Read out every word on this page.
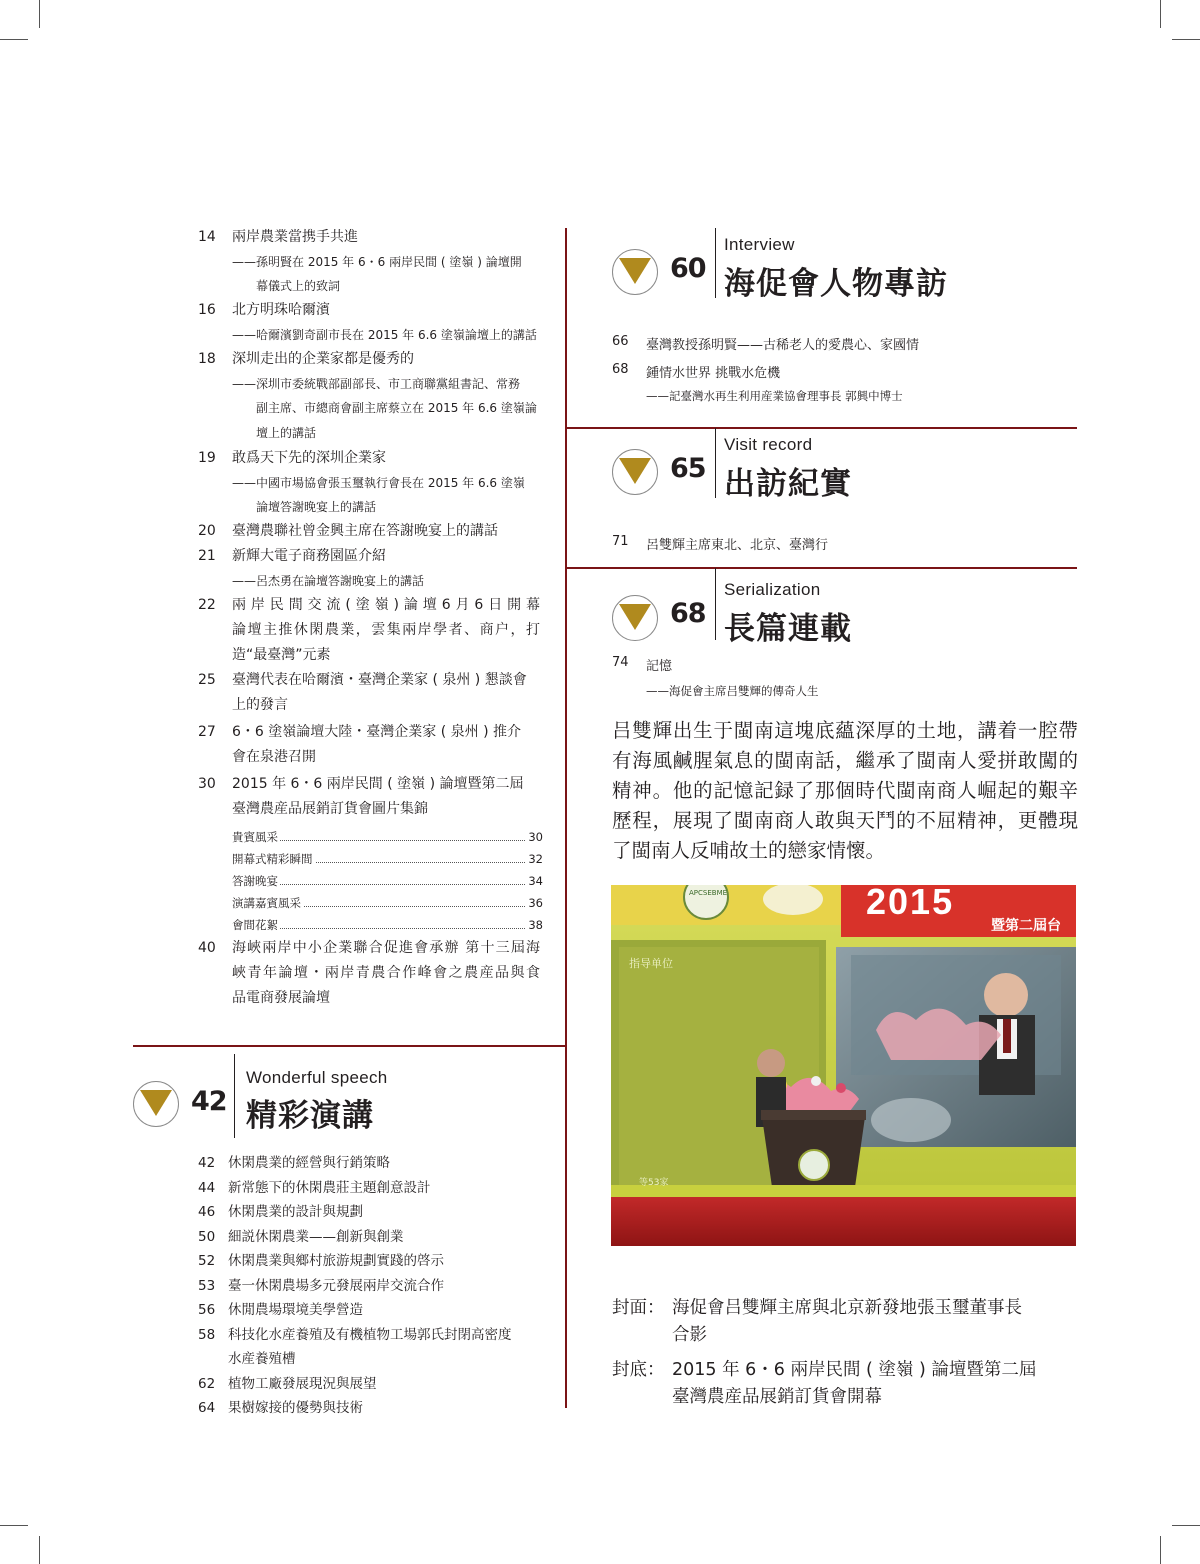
14	兩岸農業當携手共進
——孫明賢在 2015 年 6・6 兩岸民間 ( 塗嶺 ) 論壇開
幕儀式上的致詞
16	北方明珠哈爾濱
——哈爾濱劉奇副市長在 2015 年 6.6 塗嶺論壇上的講話
18	深圳走出的企業家都是優秀的
——深圳市委統戰部副部長、市工商聯黨組書記、常務
副主席、市總商會副主席蔡立在 2015 年 6.6 塗嶺論
壇上的講話
19	敢爲天下先的深圳企業家
——中國市場協會張玉璽執行會長在 2015 年 6.6 塗嶺
論壇答謝晚宴上的講話
20	臺灣農聯社曾金興主席在答謝晚宴上的講話
21	新輝大電子商務園區介紹
——呂杰勇在論壇答謝晚宴上的講話
22	兩岸民間交流(塗嶺)論壇6月6日開幕
論壇主推休閑農業，雲集兩岸學者、商户，打
造“最臺灣”元素
25	臺灣代表在哈爾濱・臺灣企業家 ( 泉州 ) 懇談會
上的發言
27	6・6 塗嶺論壇大陸・臺灣企業家 ( 泉州 ) 推介
會在泉港召開
30	2015 年 6・6 兩岸民間 ( 塗嶺 ) 論壇暨第二屆
臺灣農産品展銷訂貨會圖片集錦
貴賓風采	30
開幕式精彩瞬間	32
答謝晚宴	34
演講嘉賓風采	36
會間花絮	38
40	海峽兩岸中小企業聯合促進會承辦 第十三屆海
峽青年論壇・兩岸青農合作峰會之農産品與食
品電商發展論壇
42
Wonderful speech
精彩演講
42 休閑農業的經營與行銷策略
44 新常態下的休閑農莊主題創意設計
46 休閑農業的設計與規劃
50 細説休閑農業——創新與創業
52 休閑農業與鄉村旅游規劃實踐的啓示
53 臺一休閑農場多元發展兩岸交流合作
56 休閒農場環境美學營造
58 科技化水産養殖及有機植物工場郭氏封閉高密度
水産養殖槽
62 植物工廠發展現況與展望
64 果樹嫁接的優勢與技術
60
Interview
海促會人物專訪
66 臺灣教授孫明賢——古稀老人的愛農心、家國情
68 鍾情水世界 挑戰水危機
——記臺灣水再生利用産業協會理事長 郭興中博士
65
Visit record
出訪紀實
71 呂雙輝主席東北、北京、臺灣行
68
Serialization
長篇連載
74 記憶
——海促會主席吕雙輝的傳奇人生
吕雙輝出生于閩南這塊底蘊深厚的土地，講着一腔帶
有海風鹹腥氣息的閩南話，繼承了閩南人愛拼敢闖的
精神。他的記憶記録了那個時代閩南商人崛起的艱辛
歷程，展現了閩南商人敢與天鬥的不屈精神，更體現
了閩南人反哺故土的戀家情懷。
2015
暨第二屆台
APCSEBME
指导单位
等53家
封面： 海促會吕雙輝主席與北京新發地張玉璽董事長
合影
封底： 2015 年 6・6 兩岸民間 ( 塗嶺 ) 論壇暨第二屆
臺灣農産品展銷訂貨會開幕
